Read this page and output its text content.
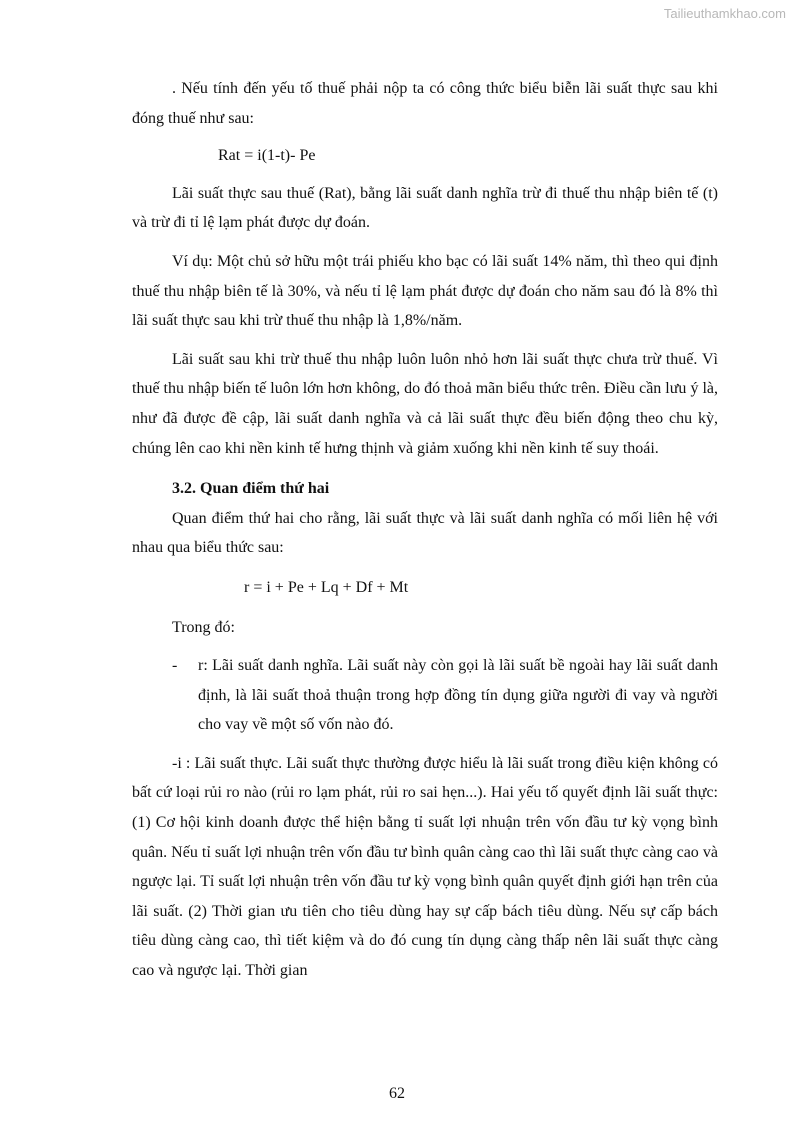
Tailieuthamkhao.com

. Nếu tính đến yếu tố thuế phải nộp ta có công thức biểu biễn lãi suất thực sau khi đóng thuế như sau:

Rat = i(1-t)- Pe

Lãi suất thực sau thuế (Rat), bằng lãi suất danh nghĩa trừ đi thuế thu nhập biên tế (t) và trừ đi tỉ lệ lạm phát được dự đoán.

Ví dụ: Một chủ sở hữu một trái phiếu kho bạc có lãi suất 14% năm, thì theo qui định thuế thu nhập biên tế là 30%, và nếu tỉ lệ lạm phát được dự đoán cho năm sau đó là 8% thì lãi suất thực sau khi trừ thuế thu nhập là 1,8%/năm.

Lãi suất sau khi trừ thuế thu nhập luôn luôn nhỏ hơn lãi suất thực chưa trừ thuế. Vì thuế thu nhập biến tế luôn lớn hơn không, do đó thoả mãn biểu thức trên. Điều cần lưu ý là, như đã được đề cập, lãi suất danh nghĩa và cả lãi suất thực đều biến động theo chu kỳ, chúng lên cao khi nền kinh tế hưng thịnh và giảm xuống khi nền kinh tế suy thoái.

3.2. Quan điểm thứ hai

Quan điểm thứ hai cho rằng, lãi suất thực và lãi suất danh nghĩa có mối liên hệ với nhau qua biểu thức sau:

r = i + Pe + Lq + Df + Mt

Trong đó:

-	r: Lãi suất danh nghĩa. Lãi suất này còn gọi là lãi suất bề ngoài hay lãi suất danh định, là lãi suất thoả thuận trong hợp đồng tín dụng giữa người đi vay và người cho vay về một số vốn nào đó.

-i : Lãi suất thực. Lãi suất thực thường được hiểu là lãi suất trong điều kiện không có bất cứ loại rủi ro nào (rủi ro lạm phát, rủi ro sai hẹn...). Hai yếu tố quyết định lãi suất thực: (1) Cơ hội kinh doanh được thể hiện bằng tỉ suất lợi nhuận trên vốn đầu tư kỳ vọng bình quân. Nếu tỉ suất lợi nhuận trên vốn đầu tư bình quân càng cao thì lãi suất thực càng cao và ngược lại. Tỉ suất lợi nhuận trên vốn đầu tư kỳ vọng bình quân quyết định giới hạn trên của lãi suất. (2) Thời gian ưu tiên cho tiêu dùng hay sự cấp bách tiêu dùng. Nếu sự cấp bách tiêu dùng càng cao, thì tiết kiệm và do đó cung tín dụng càng thấp nên lãi suất thực càng cao và ngược lại. Thời gian

62
